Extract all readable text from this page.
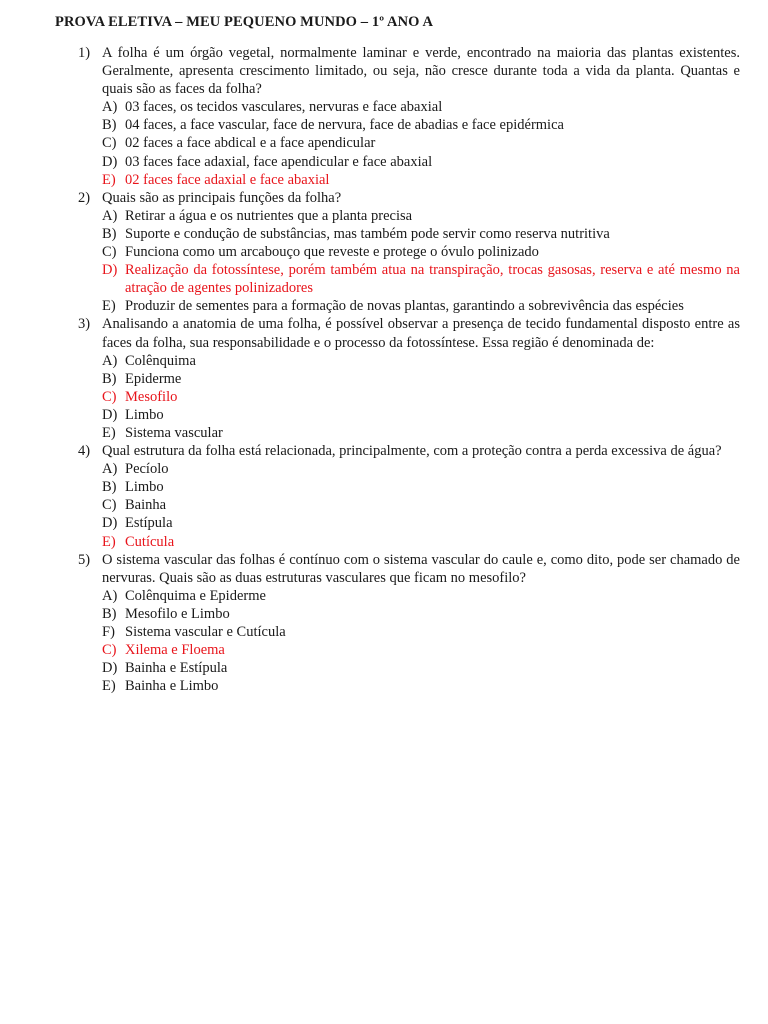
PROVA ELETIVA – MEU PEQUENO MUNDO – 1º ANO A
1) A folha é um órgão vegetal, normalmente laminar e verde, encontrado na maioria das plantas existentes. Geralmente, apresenta crescimento limitado, ou seja, não cresce durante toda a vida da planta. Quantas e quais são as faces da folha?
A) 03 faces, os tecidos vasculares, nervuras e face abaxial
B) 04 faces, a face vascular, face de nervura, face de abadias e face epidérmica
C) 02 faces a face abdical e a face apendicular
D) 03 faces face adaxial, face apendicular e face abaxial
E) 02 faces face adaxial e face abaxial
2) Quais são as principais funções da folha?
A) Retirar a água e os nutrientes que a planta precisa
B) Suporte e condução de substâncias, mas também pode servir como reserva nutritiva
C) Funciona como um arcabouço que reveste e protege o óvulo polinizado
D) Realização da fotossíntese, porém também atua na transpiração, trocas gasosas, reserva e até mesmo na atração de agentes polinizadores
E) Produzir de sementes para a formação de novas plantas, garantindo a sobrevivência das espécies
3) Analisando a anatomia de uma folha, é possível observar a presença de tecido fundamental disposto entre as faces da folha, sua responsabilidade e o processo da fotossíntese. Essa região é denominada de:
A) Colênquima
B) Epiderme
C) Mesofilo
D) Limbo
E) Sistema vascular
4) Qual estrutura da folha está relacionada, principalmente, com a proteção contra a perda excessiva de água?
A) Pecíolo
B) Limbo
C) Bainha
D) Estípula
E) Cutícula
5) O sistema vascular das folhas é contínuo com o sistema vascular do caule e, como dito, pode ser chamado de nervuras. Quais são as duas estruturas vasculares que ficam no mesofilo?
A) Colênquima e Epiderme
B) Mesofilo e Limbo
F) Sistema vascular e Cutícula
C) Xilema e Floema
D) Bainha e Estípula
E) Bainha e Limbo
